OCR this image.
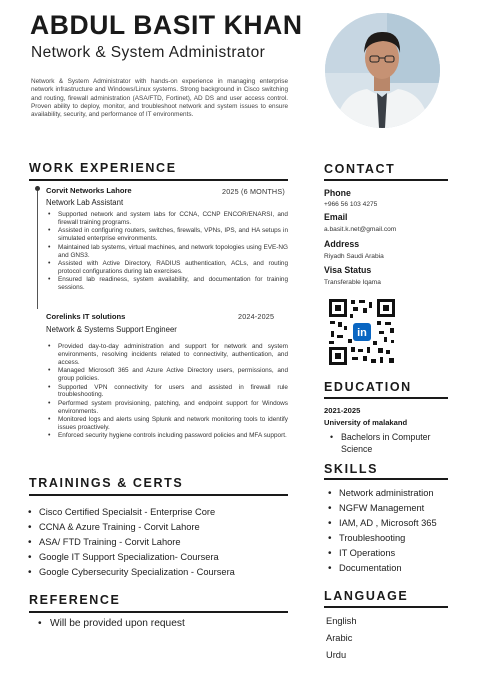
ABDUL BASIT KHAN
Network & System Administrator
Network & System Administrator with hands-on experience in managing enterprise network infrastructure and Windows/Linux systems. Strong background in Cisco switching and routing, firewall administration (ASA/FTD, Fortinet), AD DS and user access control. Proven ability to deploy, monitor, and troubleshoot network and system issues to ensure availability, security, and performance of IT environments.
WORK EXPERIENCE
Corvit Networks Lahore	2025 (6 MONTHS)
Network Lab Assistant
• Supported network and system labs for CCNA, CCNP ENCOR/ENARSI, and firewall training programs.
• Assisted in configuring routers, switches, firewalls, VPNs, IPS, and HA setups in simulated enterprise environments.
• Maintained lab systems, virtual machines, and network topologies using EVE-NG and GNS3.
• Assisted with Active Directory, RADIUS authentication, ACLs, and routing protocol configurations during lab exercises.
• Ensured lab readiness, system availability, and documentation for training sessions.
Corelinks IT solutions	2024-2025
Network & Systems Support Engineer
• Provided day-to-day administration and support for network and system environments, resolving incidents related to connectivity, authentication, and access.
• Managed Microsoft 365 and Azure Active Directory users, permissions, and group policies.
• Supported VPN connectivity for users and assisted in firewall rule troubleshooting.
• Performed system provisioning, patching, and endpoint support for Windows environments.
• Monitored logs and alerts using Splunk and network monitoring tools to identify issues proactively.
• Enforced security hygiene controls including password policies and MFA support.
TRAININGS & CERTS
• Cisco Certified Specialsit - Enterprise Core
• CCNA & Azure Training - Corvit Lahore
• ASA/ FTD Training - Corvit Lahore
• Google IT Support Specialization- Coursera
• Google Cybersecurity Specialization - Coursera
REFERENCE
• Will be provided upon request
CONTACT
Phone
+966 56 103 4275
Email
a.basit.k.net@gmail.com
Address
Riyadh Saudi Arabia
Visa Status
Transferable Iqama
in
EDUCATION
2021-2025
University of malakand
• Bachelors in Computer Science
SKILLS
• Network administration
• NGFW Management
• IAM, AD , Microsoft 365
• Troubleshooting
• IT Operations
• Documentation
LANGUAGE
English
Arabic
Urdu
